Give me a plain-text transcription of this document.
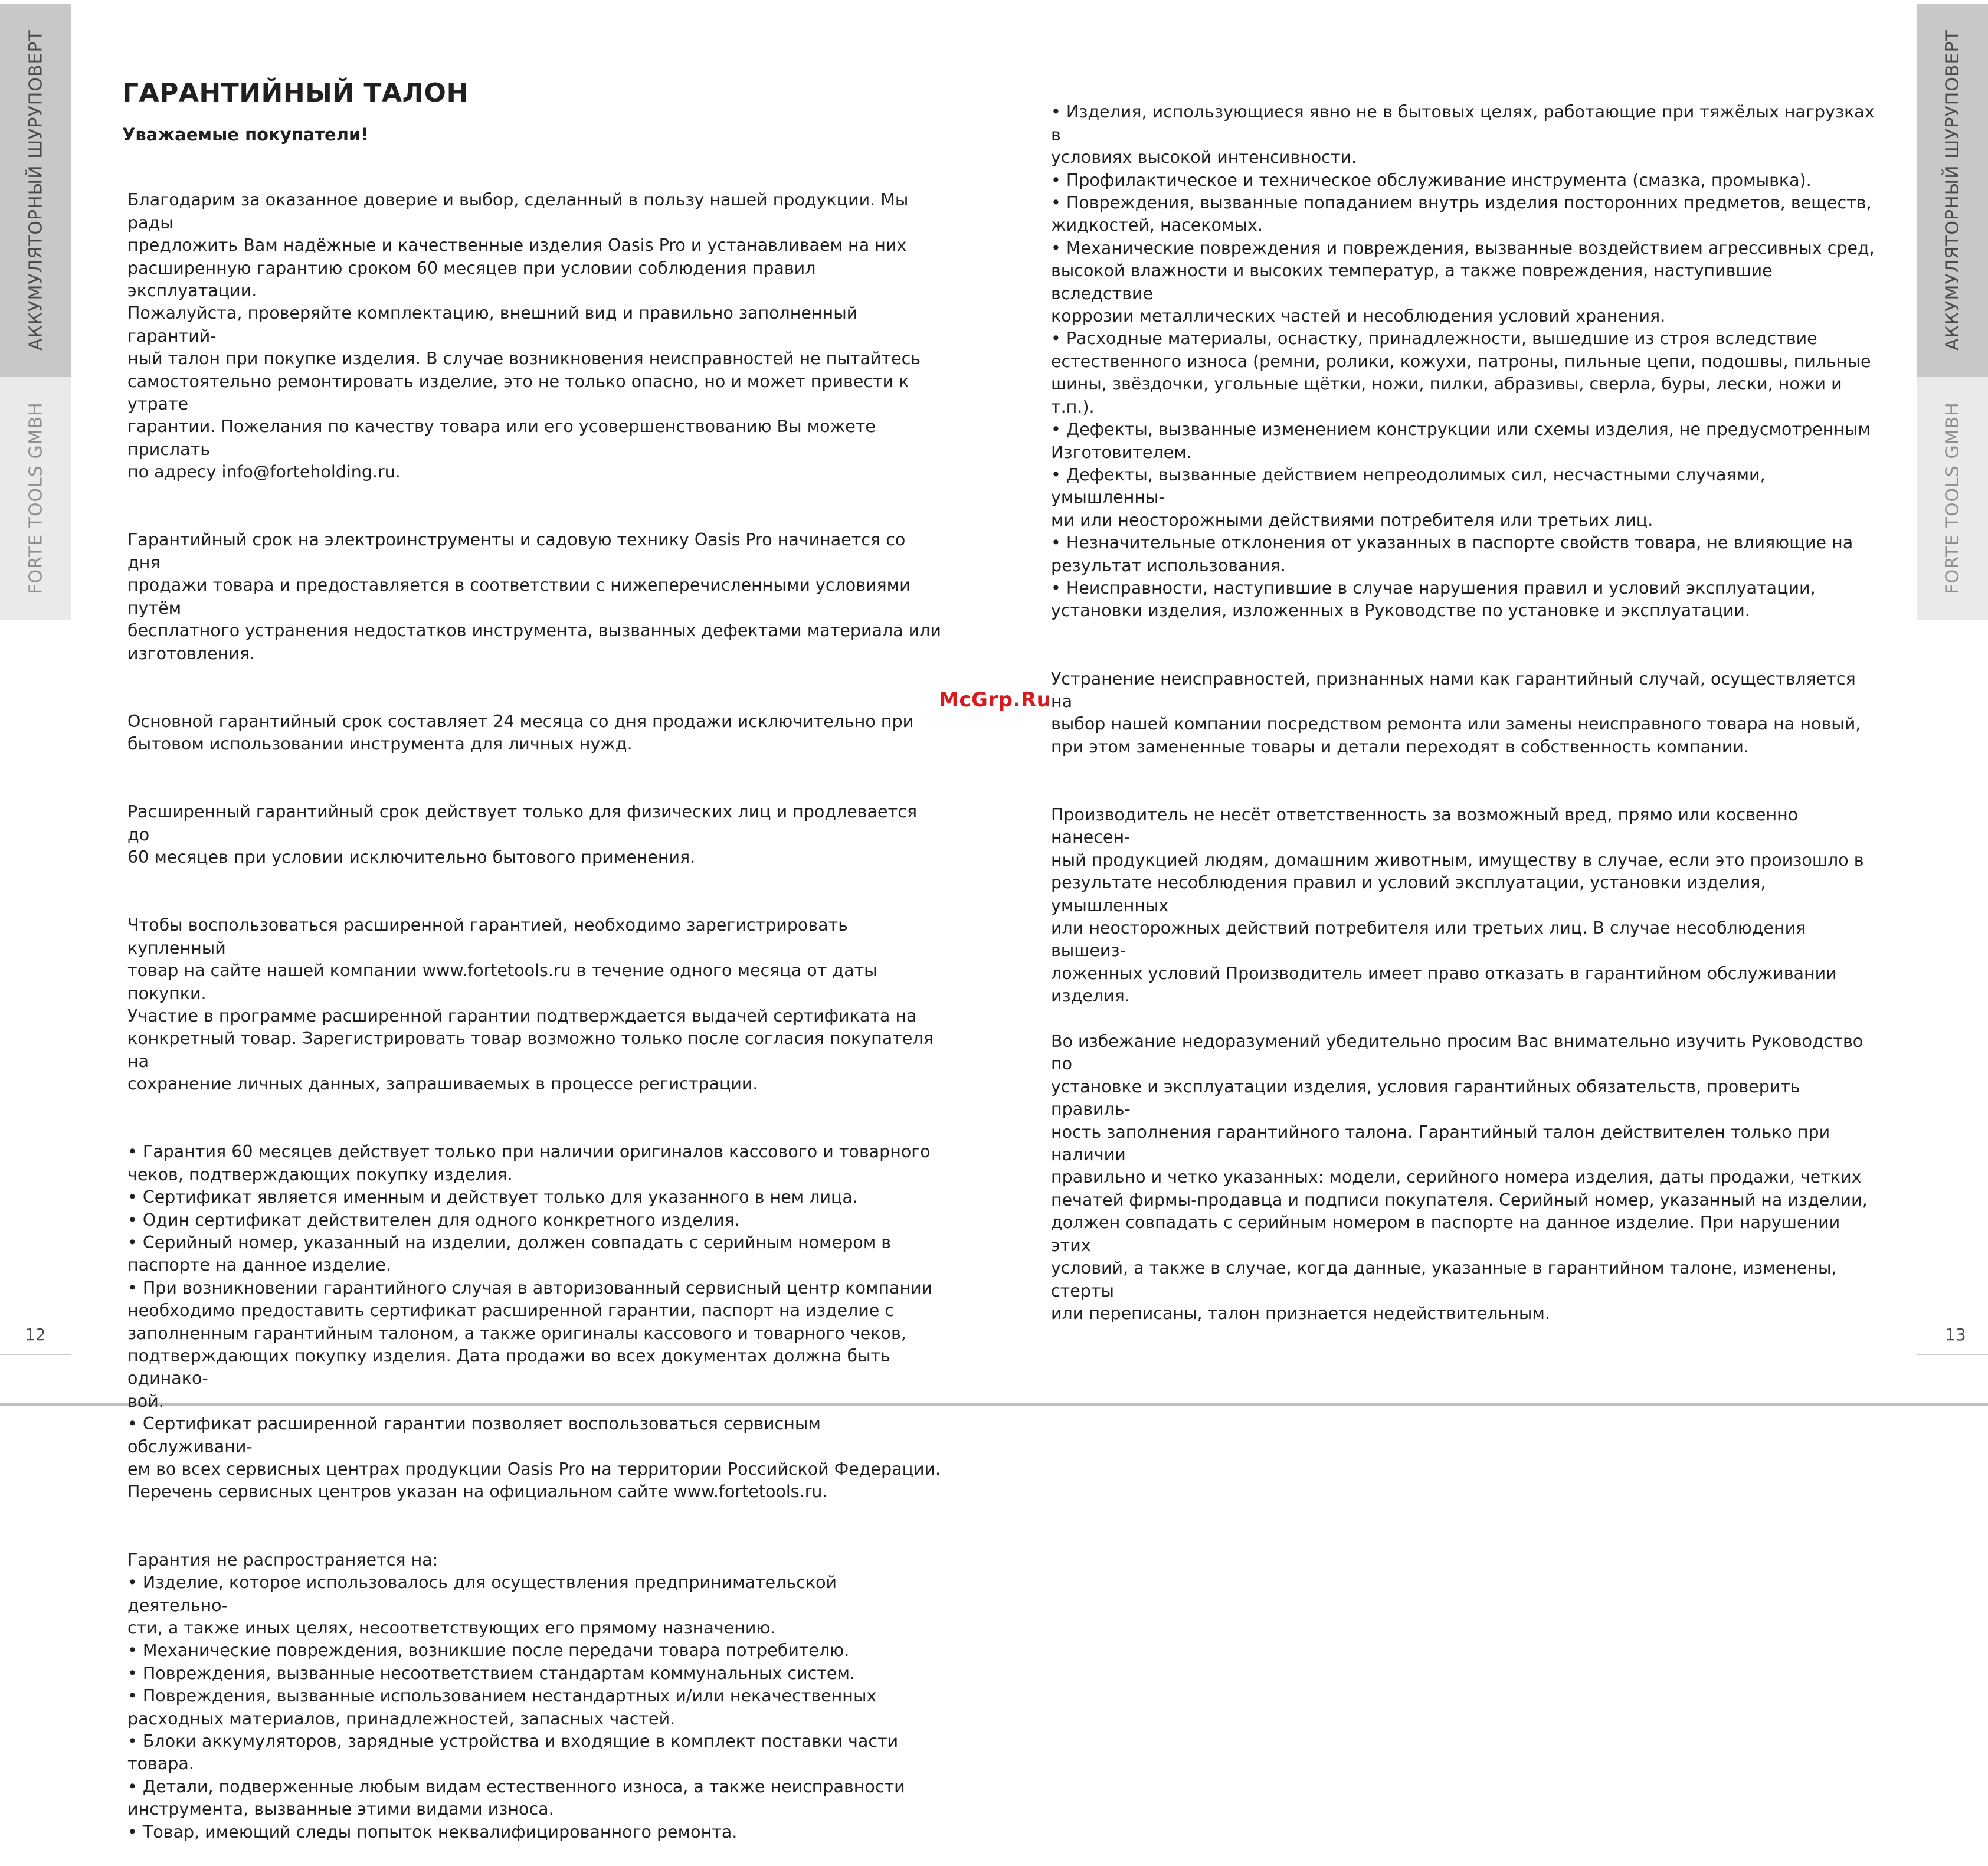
АККУМУЛЯТОРНЫЙ ШУРУПОВЕРТ
FORTE TOOLS GMBH
АККУМУЛЯТОРНЫЙ ШУРУПОВЕРТ
FORTE TOOLS GMBH
12	13
ГАРАНТИЙНЫЙ ТАЛОН
Уважаемые покупатели!

Благодарим за оказанное доверие и выбор, сделанный в пользу нашей продукции. Мы рады
предложить Вам надёжные и качественные изделия Oasis Pro и устанавливаем на них
расширенную гарантию сроком 60 месяцев при условии соблюдения правил эксплуатации.
Пожалуйста, проверяйте комплектацию, внешний вид и правильно заполненный гарантий-
ный талон при покупке изделия. В случае возникновения неисправностей не пытайтесь
самостоятельно ремонтировать изделие, это не только опасно, но и может привести к утрате
гарантии. Пожелания по качеству товара или его усовершенствованию Вы можете прислать
по адресу info@forteholding.ru.

Гарантийный срок на электроинструменты и садовую технику Oasis Pro начинается со дня
продажи товара и предоставляется в соответствии с нижеперечисленными условиями путём
бесплатного устранения недостатков инструмента, вызванных дефектами материала или
изготовления.

Основной гарантийный срок составляет 24 месяца со дня продажи исключительно при
бытовом использовании инструмента для личных нужд.

Расширенный гарантийный срок действует только для физических лиц и продлевается до
60 месяцев при условии исключительно бытового применения.

Чтобы воспользоваться расширенной гарантией, необходимо зарегистрировать купленный
товар на сайте нашей компании www.fortetools.ru в течение одного месяца от даты покупки.
Участие в программе расширенной гарантии подтверждается выдачей сертификата на
конкретный товар. Зарегистрировать товар возможно только после согласия покупателя на
сохранение личных данных, запрашиваемых в процессе регистрации.

• Гарантия 60 месяцев действует только при наличии оригиналов кассового и товарного
чеков, подтверждающих покупку изделия.
• Сертификат является именным и действует только для указанного в нем лица.
• Один сертификат действителен для одного конкретного изделия.
• Серийный номер, указанный на изделии, должен совпадать с серийным номером в
паспорте на данное изделие.
• При возникновении гарантийного случая в авторизованный сервисный центр компании
необходимо предоставить сертификат расширенной гарантии, паспорт на изделие с
заполненным гарантийным талоном, а также оригиналы кассового и товарного чеков,
подтверждающих покупку изделия. Дата продажи во всех документах должна быть одинако-
вой.
• Сертификат расширенной гарантии позволяет воспользоваться сервисным обслуживани-
ем во всех сервисных центрах продукции Oasis Pro на территории Российской Федерации.
Перечень сервисных центров указан на официальном сайте www.fortetools.ru.

Гарантия не распространяется на:
• Изделие, которое использовалось для осуществления предпринимательской деятельно-
сти, а также иных целях, несоответствующих его прямому назначению.
• Механические повреждения, возникшие после передачи товара потребителю.
• Повреждения, вызванные несоответствием стандартам коммунальных систем.
• Повреждения, вызванные использованием нестандартных и/или некачественных
расходных материалов, принадлежностей, запасных частей.
• Блоки аккумуляторов, зарядные устройства и входящие в комплект поставки части товара.
• Детали, подверженные любым видам естественного износа, а также неисправности
инструмента, вызванные этими видами износа.
• Товар, имеющий следы попыток неквалифицированного ремонта.

• Изделия, использующиеся явно не в бытовых целях, работающие при тяжёлых нагрузках в
условиях высокой интенсивности.
• Профилактическое и техническое обслуживание инструмента (смазка, промывка).
• Повреждения, вызванные попаданием внутрь изделия посторонних предметов, веществ,
жидкостей, насекомых.
• Механические повреждения и повреждения, вызванные воздействием агрессивных сред,
высокой влажности и высоких температур, а также повреждения, наступившие вследствие
коррозии металлических частей и несоблюдения условий хранения.
• Расходные материалы, оснастку, принадлежности, вышедшие из строя вследствие
естественного износа (ремни, ролики, кожухи, патроны, пильные цепи, подошвы, пильные
шины, звёздочки, угольные щётки, ножи, пилки, абразивы, сверла, буры, лески, ножи и т.п.).
• Дефекты, вызванные изменением конструкции или схемы изделия, не предусмотренным
Изготовителем.
• Дефекты, вызванные действием непреодолимых сил, несчастными случаями, умышленны-
ми или неосторожными действиями потребителя или третьих лиц.
• Незначительные отклонения от указанных в паспорте свойств товара, не влияющие на
результат использования.
• Неисправности, наступившие в случае нарушения правил и условий эксплуатации,
установки изделия, изложенных в Руководстве по установке и эксплуатации.

Устранение неисправностей, признанных нами как гарантийный случай, осуществляется на
выбор нашей компании посредством ремонта или замены неисправного товара на новый,
при этом замененные товары и детали переходят в собственность компании.

Производитель не несёт ответственность за возможный вред, прямо или косвенно нанесен-
ный продукцией людям, домашним животным, имуществу в случае, если это произошло в
результате несоблюдения правил и условий эксплуатации, установки изделия, умышленных
или неосторожных действий потребителя или третьих лиц. В случае несоблюдения вышеиз-
ложенных условий Производитель имеет право отказать в гарантийном обслуживании
изделия.

Во избежание недоразумений убедительно просим Вас внимательно изучить Руководство по
установке и эксплуатации изделия, условия гарантийных обязательств, проверить правиль-
ность заполнения гарантийного талона. Гарантийный талон действителен только при наличии
правильно и четко указанных: модели, серийного номера изделия, даты продажи, четких
печатей фирмы-продавца и подписи покупателя. Серийный номер, указанный на изделии,
должен совпадать с серийным номером в паспорте на данное изделие. При нарушении этих
условий, а также в случае, когда данные, указанные в гарантийном талоне, изменены, стерты
или переписаны, талон признается недействительным.

McGrp.Ru
